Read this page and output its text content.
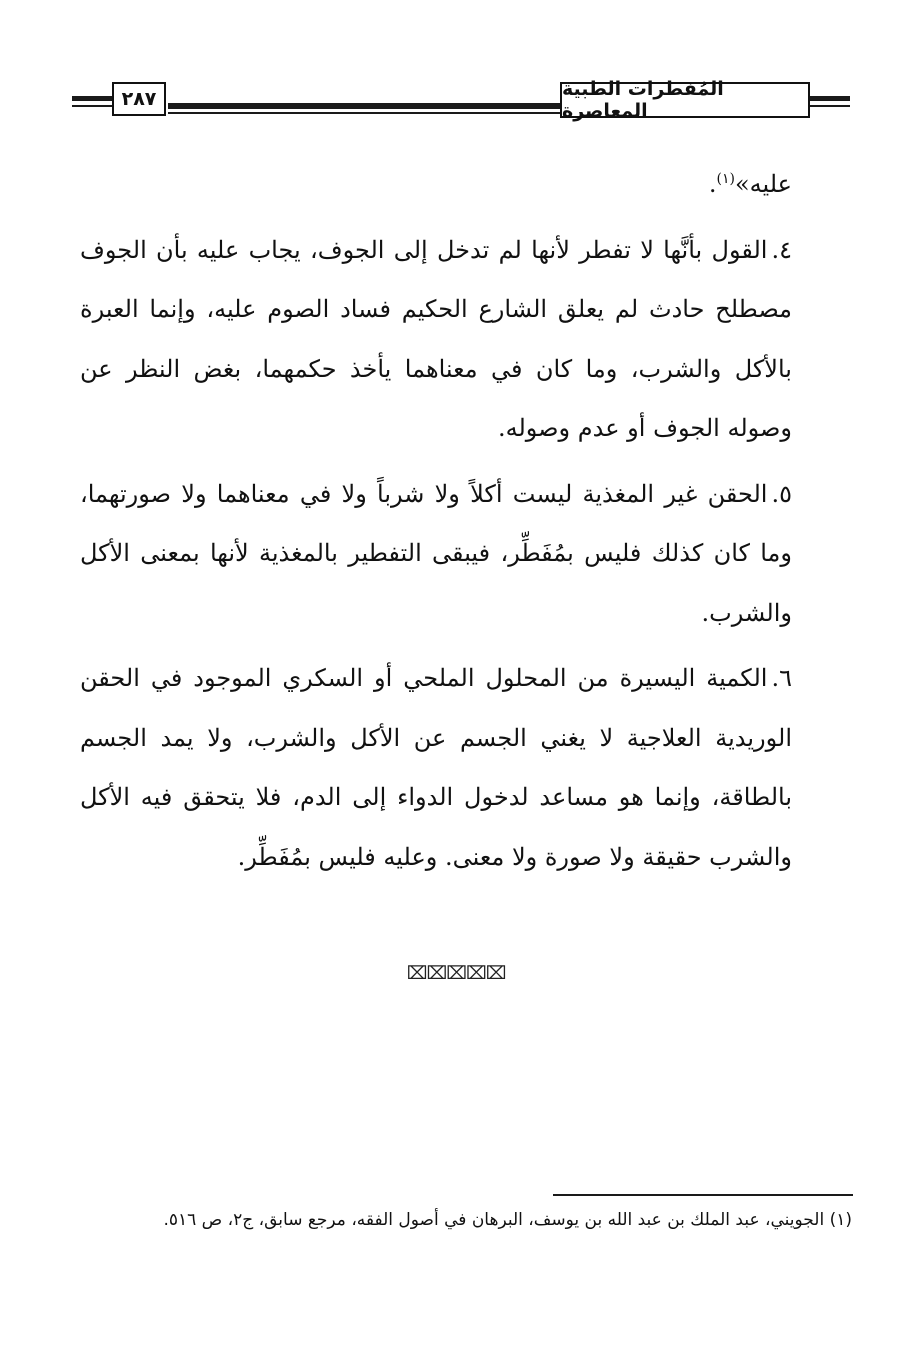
٢٨٧	المُفطرات الطبية المعاصرة

عليه»$^{(١)}$.

٤.القول بأنَّها لا تفطر لأنها لم تدخل إلى الجوف، يجاب عليه بأن الجوف مصطلح حادث لم يعلق الشارع الحكيم فساد الصوم عليه، وإنما العبرة بالأكل والشرب، وما كان في معناهما يأخذ حكمهما، بغض النظر عن وصوله الجوف أو عدم وصوله.

٥.الحقن غير المغذية ليست أكلاً ولا شرباً ولا في معناهما ولا صورتهما، وما كان كذلك فليس بمُفَطِّر، فيبقى التفطير بالمغذية لأنها بمعنى الأكل والشرب.

٦.الكمية اليسيرة من المحلول الملحي أو السكري الموجود في الحقن الوريدية العلاجية لا يغني الجسم عن الأكل والشرب، ولا يمد الجسم بالطاقة، وإنما هو مساعد لدخول الدواء إلى الدم، فلا يتحقق فيه الأكل والشرب حقيقة ولا صورة ولا معنى. وعليه فليس بمُفَطِّر.

⌧⌧⌧⌧⌧
(١) الجويني، عبد الملك بن عبد الله بن يوسف، البرهان في أصول الفقه، مرجع سابق، ج٢، ص ٥١٦.
